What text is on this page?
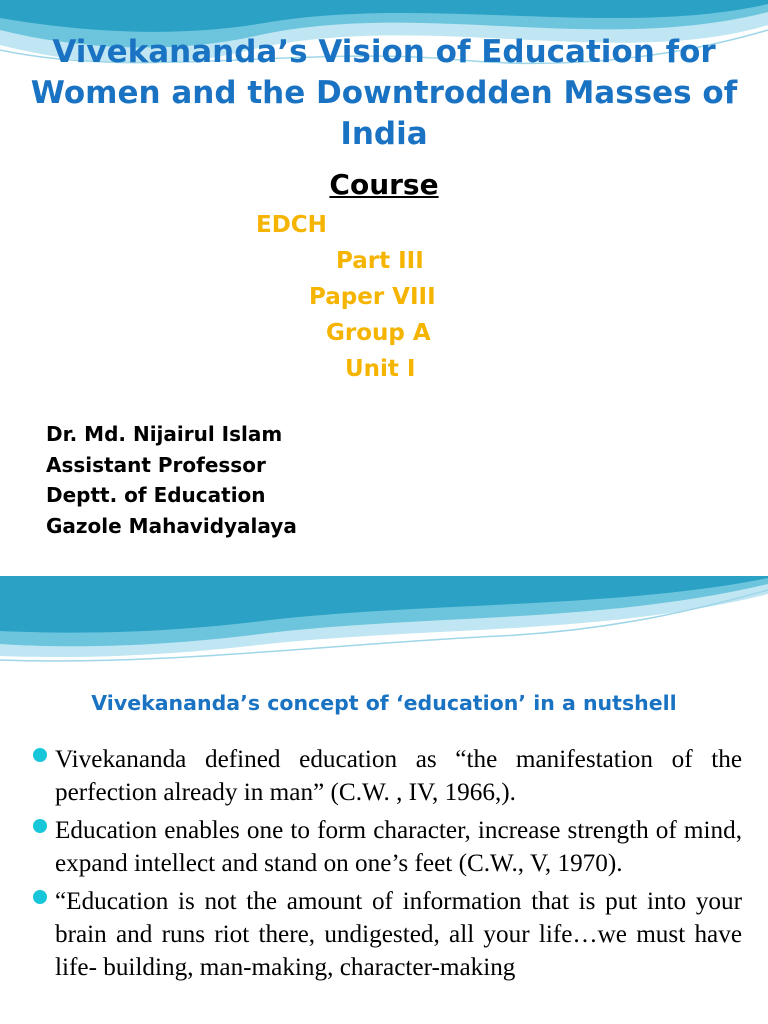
Vivekananda’s Vision of Education for Women and the Downtrodden Masses of India
Course
EDCH
Part III
Paper VIII
Group A
Unit I
Dr. Md. Nijairul Islam
Assistant Professor
Deptt. of Education
Gazole Mahavidyalaya
Vivekananda’s concept of ‘education’ in a nutshell
Vivekananda defined education as “the manifestation of the perfection already in man” (C.W. , IV, 1966,).
Education enables one to form character, increase strength of mind, expand intellect and stand on one’s feet (C.W., V, 1970).
“Education is not the amount of information that is put into your brain and runs riot there, undigested, all your life…we must have life- building, man-making, character-making
